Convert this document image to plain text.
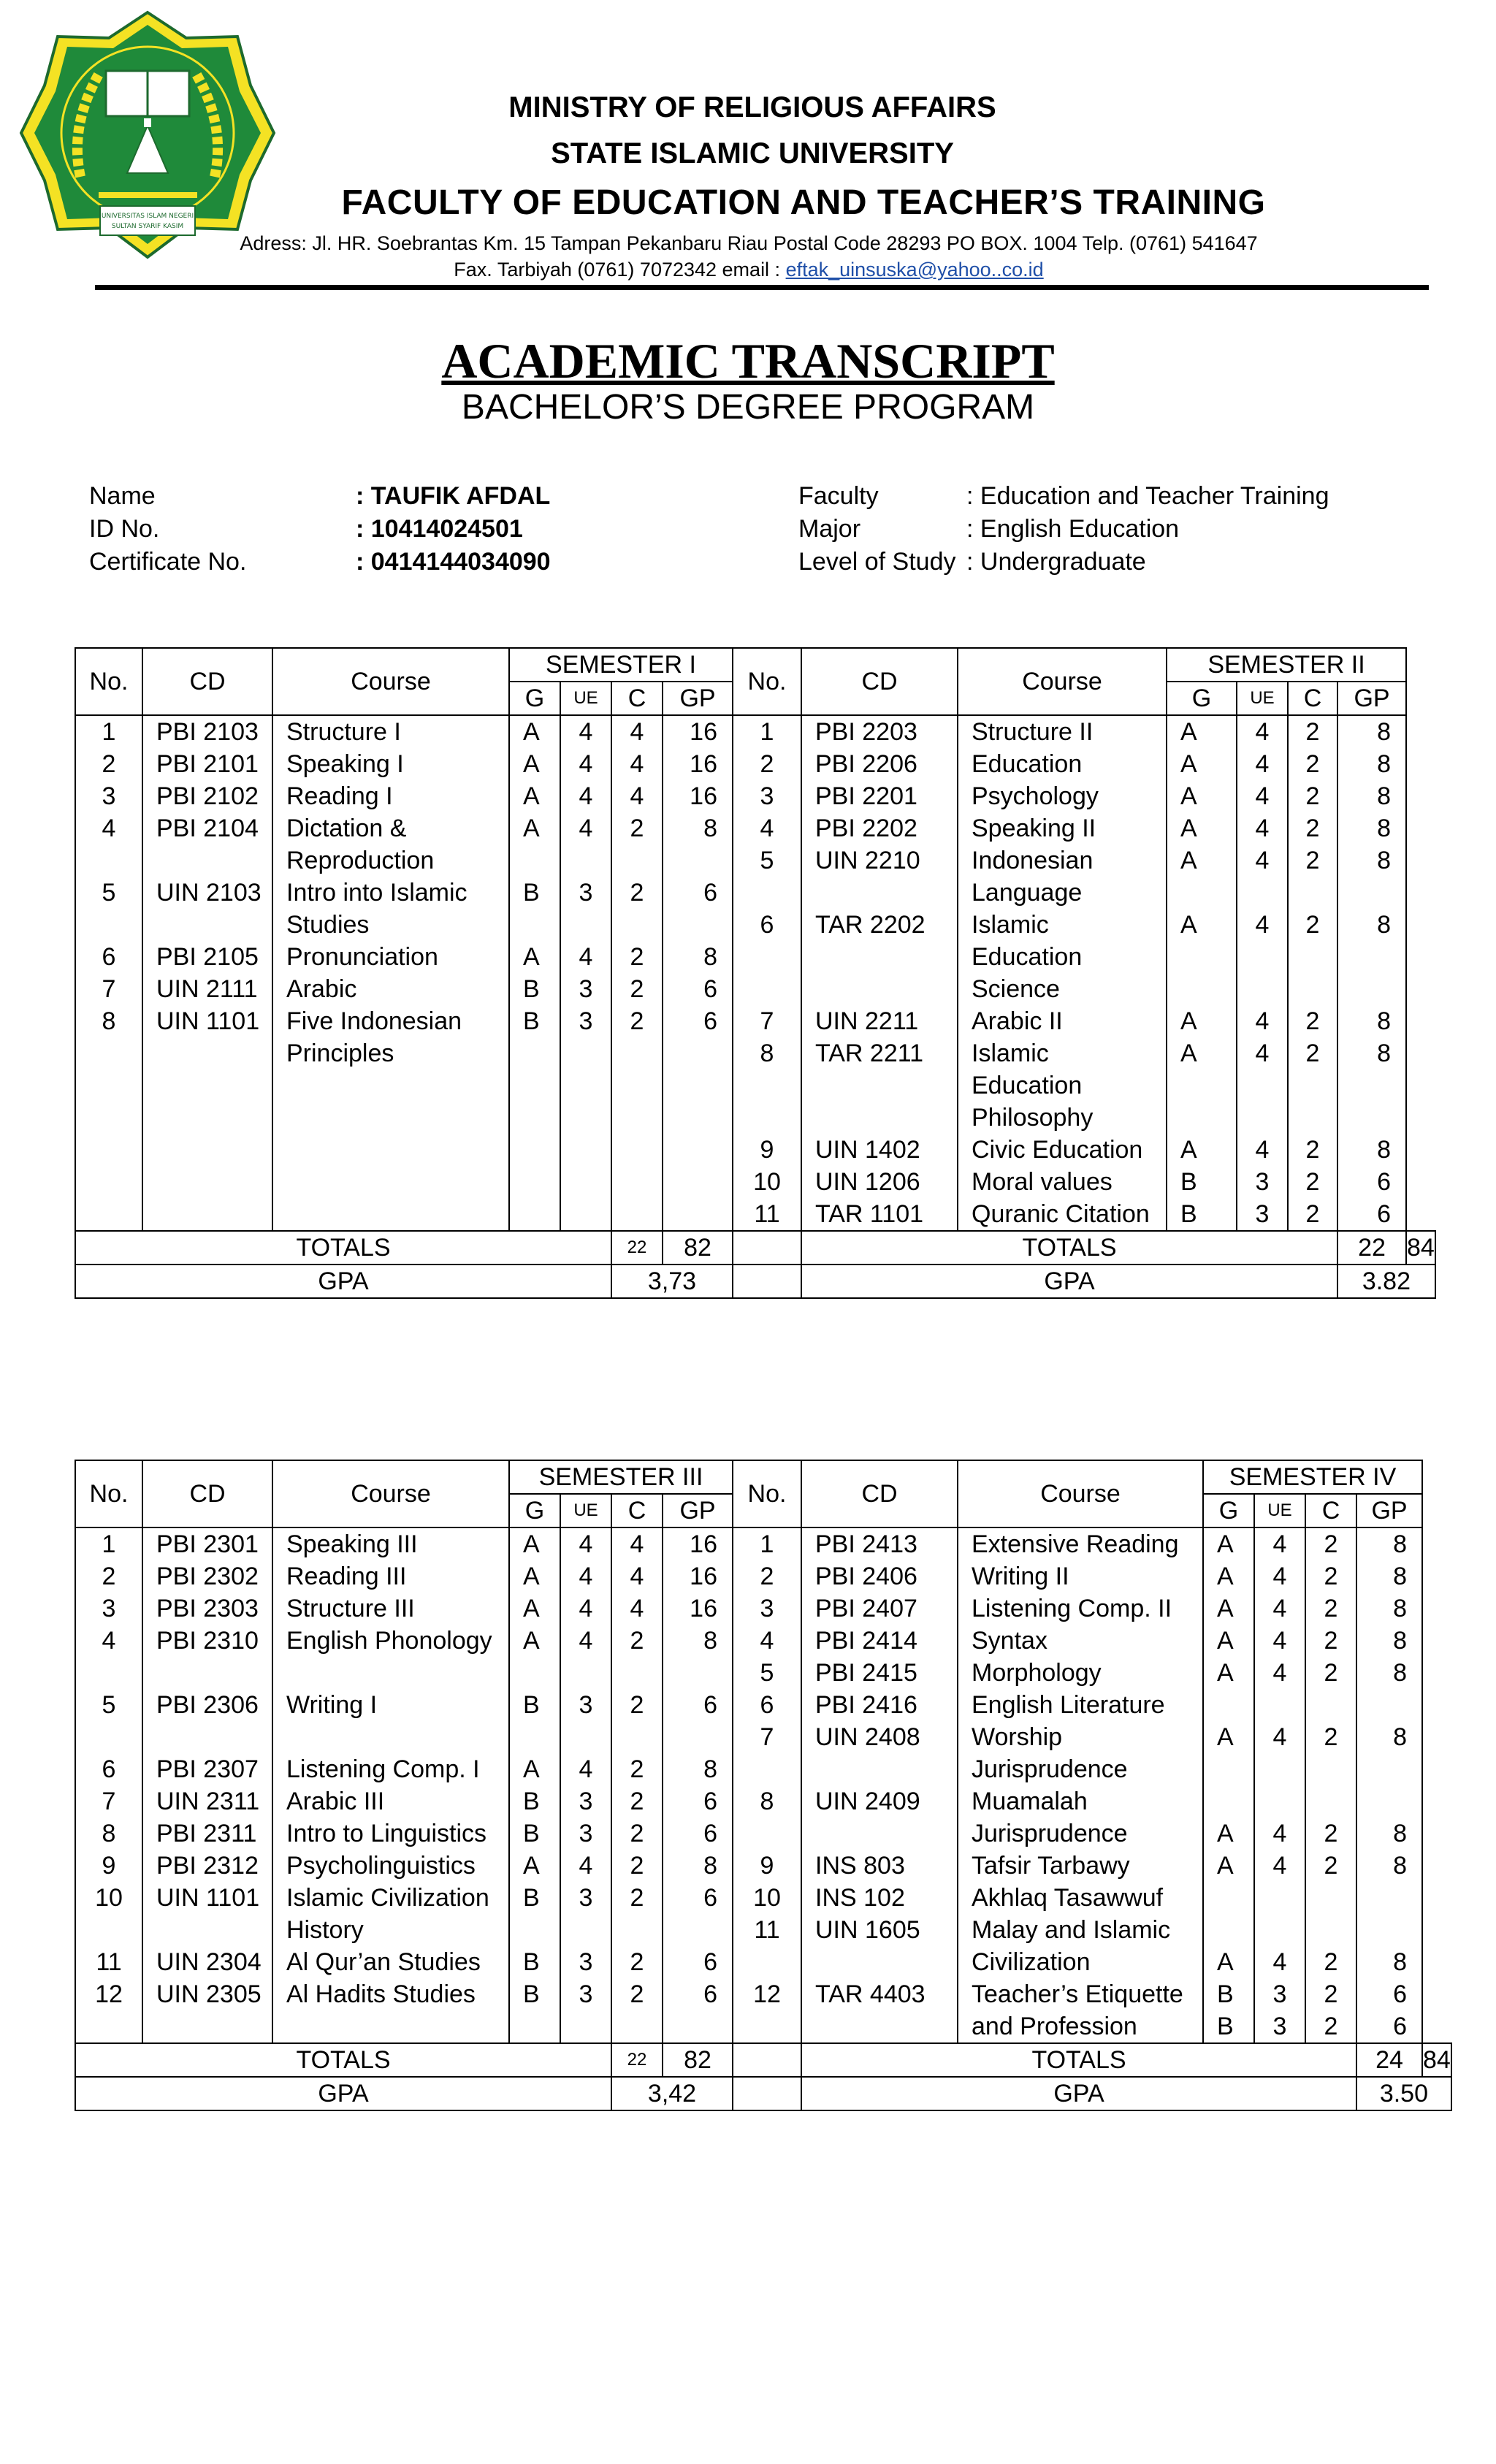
UNIVERSITAS ISLAM NEGERI
SULTAN SYARIF KASIM
MINISTRY OF RELIGIOUS AFFAIRS
STATE ISLAMIC UNIVERSITY
FACULTY OF EDUCATION AND TEACHER’S TRAINING
Adress: Jl. HR. Soebrantas Km. 15 Tampan Pekanbaru Riau Postal Code 28293 PO BOX. 1004 Telp. (0761) 541647
Fax. Tarbiyah (0761) 7072342 email : eftak_uinsuska@yahoo..co.id
ACADEMIC TRANSCRIPT
BACHELOR’S DEGREE PROGRAM
Name	: TAUFIK AFDAL
ID No.	: 10414024501
Certificate No.	: 0414144034090
Faculty	: Education and Teacher Training
Major	: English Education
Level of Study : Undergraduate
No.	CD	Course	SEMESTER I				No.	CD	Course	SEMESTER II				
			G	UE	C	GP				G	UE	C	GP	
1	PBI 2103	Structure I	A	4	4	16	1	PBI 2203	Structure II	A	4	2	8	
2	PBI 2101	Speaking I	A	4	4	16	2	PBI 2206	Education	A	4	2	8	
3	PBI 2102	Reading I	A	4	4	16	3	PBI 2201	Psychology	A	4	2	8	
4	PBI 2104	Dictation &	A	4	2	8	4	PBI 2202	Speaking II	A	4	2	8	
		Reproduction					5	UIN 2210	Indonesian	A	4	2	8	
5	UIN 2103	Intro into Islamic	B	3	2	6			Language					
		Studies					6	TAR 2202	Islamic	A	4	2	8	
6	PBI 2105	Pronunciation	A	4	2	8			Education					
7	UIN 2111	Arabic	B	3	2	6			Science					
8	UIN 1101	Five Indonesian	B	3	2	6	7	UIN 2211	Arabic II	A	4	2	8	
		Principles					8	TAR 2211	Islamic	A	4	2	8	
									Education					
									Philosophy					
							9	UIN 1402	Civic Education	A	4	2	8	
							10	UIN 1206	Moral values	B	3	2	6	
							11	TAR 1101	Quranic Citation	B	3	2	6	

TOTALS					22	82		TOTALS					22	84
GPA					3,73			GPA					3.82	
No.	CD	Course	SEMESTER III				No.	CD	Course	SEMESTER IV				
			G	UE	C	GP				G	UE	C	GP	
1	PBI 2301	Speaking III	A	4	4	16	1	PBI 2413	Extensive Reading	A	4	2	8	
2	PBI 2302	Reading III	A	4	4	16	2	PBI 2406	Writing II	A	4	2	8	
3	PBI 2303	Structure III	A	4	4	16	3	PBI 2407	Listening Comp. II	A	4	2	8	
4	PBI 2310	English Phonology	A	4	2	8	4	PBI 2414	Syntax	A	4	2	8	
							5	PBI 2415	Morphology	A	4	2	8	
5	PBI 2306	Writing I	B	3	2	6	6	PBI 2416	English Literature					
							7	UIN 2408	Worship	A	4	2	8	
6	PBI 2307	Listening Comp. I	A	4	2	8			Jurisprudence					
7	UIN 2311	Arabic III	B	3	2	6	8	UIN 2409	Muamalah					
8	PBI 2311	Intro to Linguistics	B	3	2	6			Jurisprudence	A	4	2	8	
9	PBI 2312	Psycholinguistics	A	4	2	8	9	INS 803	Tafsir Tarbawy	A	4	2	8	
10	UIN 1101	Islamic Civilization	B	3	2	6	10	INS 102	Akhlaq Tasawwuf					
		History					11	UIN 1605	Malay and Islamic					
11	UIN 2304	Al Qur’an Studies	B	3	2	6			Civilization	A	4	2	8	
12	UIN 2305	Al Hadits Studies	B	3	2	6	12	TAR 4403	Teacher’s Etiquette	B	3	2	6	
									and Profession	B	3	2	6	
TOTALS					22	82		TOTALS					24	84
GPA					3,42			GPA					3.50	
